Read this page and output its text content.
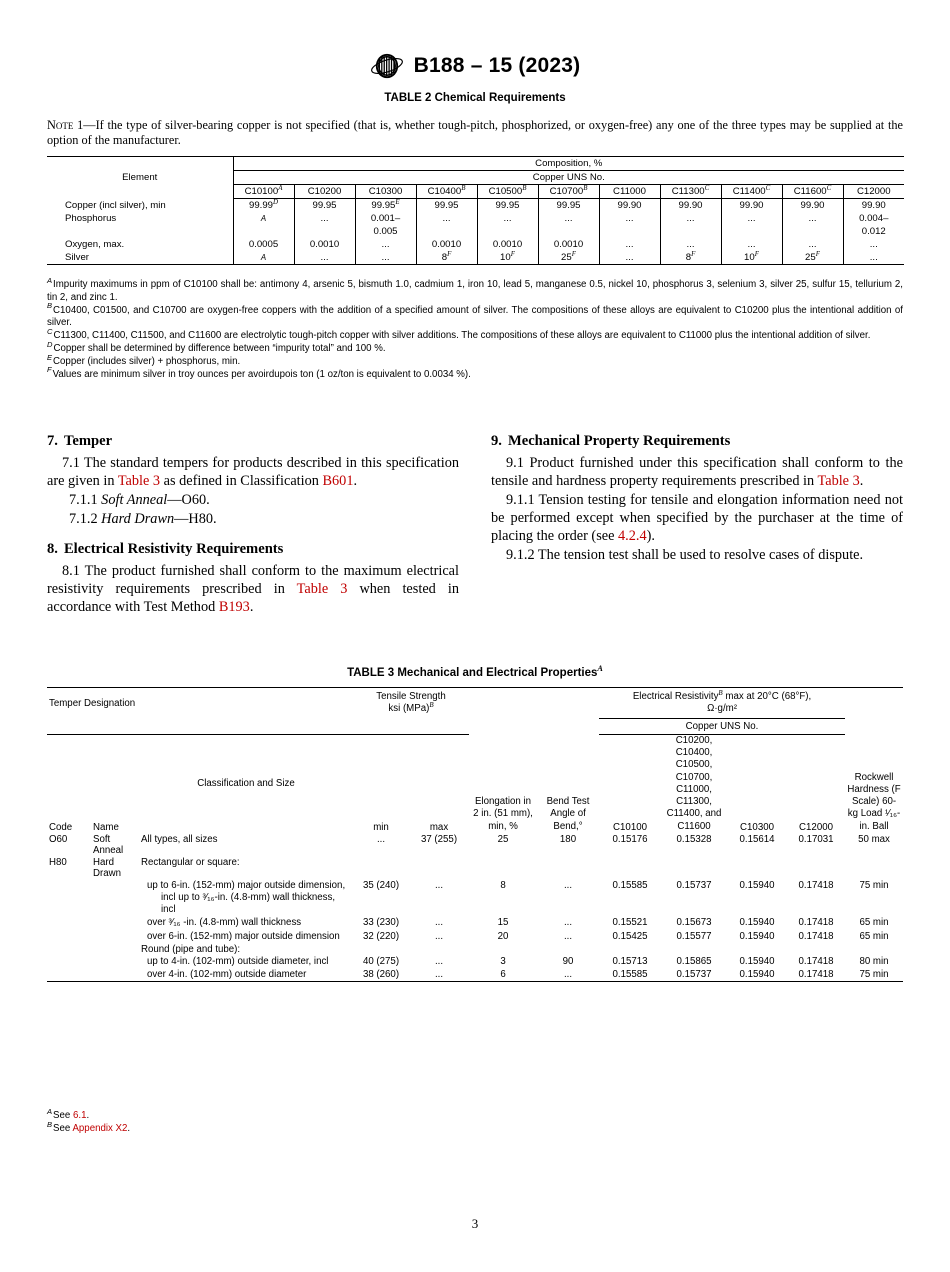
B188 – 15 (2023)
TABLE 2 Chemical Requirements
Note 1—If the type of silver-bearing copper is not specified (that is, whether tough-pitch, phosphorized, or oxygen-free) any one of the three types may be supplied at the option of the manufacturer.
Element	Composition, %										
	Copper UNS No.										
	C10100$^A$	C10200	C10300	C10400$^B$	C10500$^B$	C10700$^B$	C11000	C11300$^C$	C11400$^C$	C11600$^C$	C12000
Copper (incl silver), min	99.99$^D$	99.95	99.95$^E$	99.95	99.95	99.95	99.90	99.90	99.90	99.90	99.90
Phosphorus	A	...	0.001–	...	...	...	...	...	...	...	0.004–
			0.005								0.012
Oxygen, max.	0.0005	0.0010	...	0.0010	0.0010	0.0010	...	...	...	...	...
Silver	A	...	...	8$^F$	10$^F$	25$^F$	...	8$^F$	10$^F$	25$^F$	...

$^A$Impurity maximums in ppm of C10100 shall be: antimony 4, arsenic 5, bismuth 1.0, cadmium 1, iron 10, lead 5, manganese 0.5, nickel 10, phosphorus 3, selenium 3, silver 25, sulfur 15, tellurium 2, tin 2, and zinc 1.

$^B$C10400, C01500, and C10700 are oxygen-free coppers with the addition of a specified amount of silver. The compositions of these alloys are equivalent to C10200 plus the intentional addition of silver.

$^C$C11300, C11400, C11500, and C11600 are electrolytic tough-pitch copper with silver additions. The compositions of these alloys are equivalent to C11000 plus the intentional addition of silver.

$^D$Copper shall be determined by difference between “impurity total” and 100 %.

$^E$Copper (includes silver) + phosphorus, min.

$^F$Values are minimum silver in troy ounces per avoirdupois ton (1 oz/ton is equivalent to 0.0034 %).

7. Temper

7.1 The standard tempers for products described in this specification are given in Table 3 as defined in Classification B601.

7.1.1 Soft Anneal—O60.

7.1.2 Hard Drawn—H80.

8. Electrical Resistivity Requirements

8.1 The product furnished shall conform to the maximum electrical resistivity requirements prescribed in Table 3 when tested in accordance with Test Method B193.

9. Mechanical Property Requirements

9.1 Product furnished under this specification shall conform to the tensile and hardness property requirements prescribed in Table 3.

9.1.1 Tension testing for tensile and elongation information need not be performed except when specified by the purchaser at the time of placing the order (see 4.2.4).

9.1.2 The tension test shall be used to resolve cases of dispute.

TABLE 3 Mechanical and Electrical Properties$^A$
Temper Designation			Tensile Strength
ksi (MPa)$^B$				Electrical Resistivity$^B$ max at 20°C (68°F),
Ω·g/m²				
							Copper UNS No.				
Code	Name	Classification and Size	min	max	Elongation in 2 in. (51 mm), min, %	Bend Test Angle of Bend,°	C10100	C10200, C10400, C10500, C10700, C11000, C11300, C11400, and C11600	C10300	C12000	Rockwell Hardness (F Scale) 60-kg Load ¹⁄₁₆-in. Ball
O60	Soft Anneal	All types, all sizes	...	37 (255)	25	180	0.15176	0.15328	0.15614	0.17031	50 max
H80	Hard Drawn	Rectangular or square:									
		up to 6-in. (152-mm) major outside dimension, incl up to ³⁄₁₆-in. (4.8-mm) wall thickness, incl	35 (240)	...	8	...	0.15585	0.15737	0.15940	0.17418	75 min
		over ³⁄₁₆ -in. (4.8-mm) wall thickness	33 (230)	...	15	...	0.15521	0.15673	0.15940	0.17418	65 min
		over 6-in. (152-mm) major outside dimension	32 (220)	...	20	...	0.15425	0.15577	0.15940	0.17418	65 min
		Round (pipe and tube):									
		up to 4-in. (102-mm) outside diameter, incl	40 (275)	...	3	90	0.15713	0.15865	0.15940	0.17418	80 min
		over 4-in. (102-mm) outside diameter	38 (260)	...	6	...	0.15585	0.15737	0.15940	0.17418	75 min

$^A$See 6.1.

$^B$See Appendix X2.

3
